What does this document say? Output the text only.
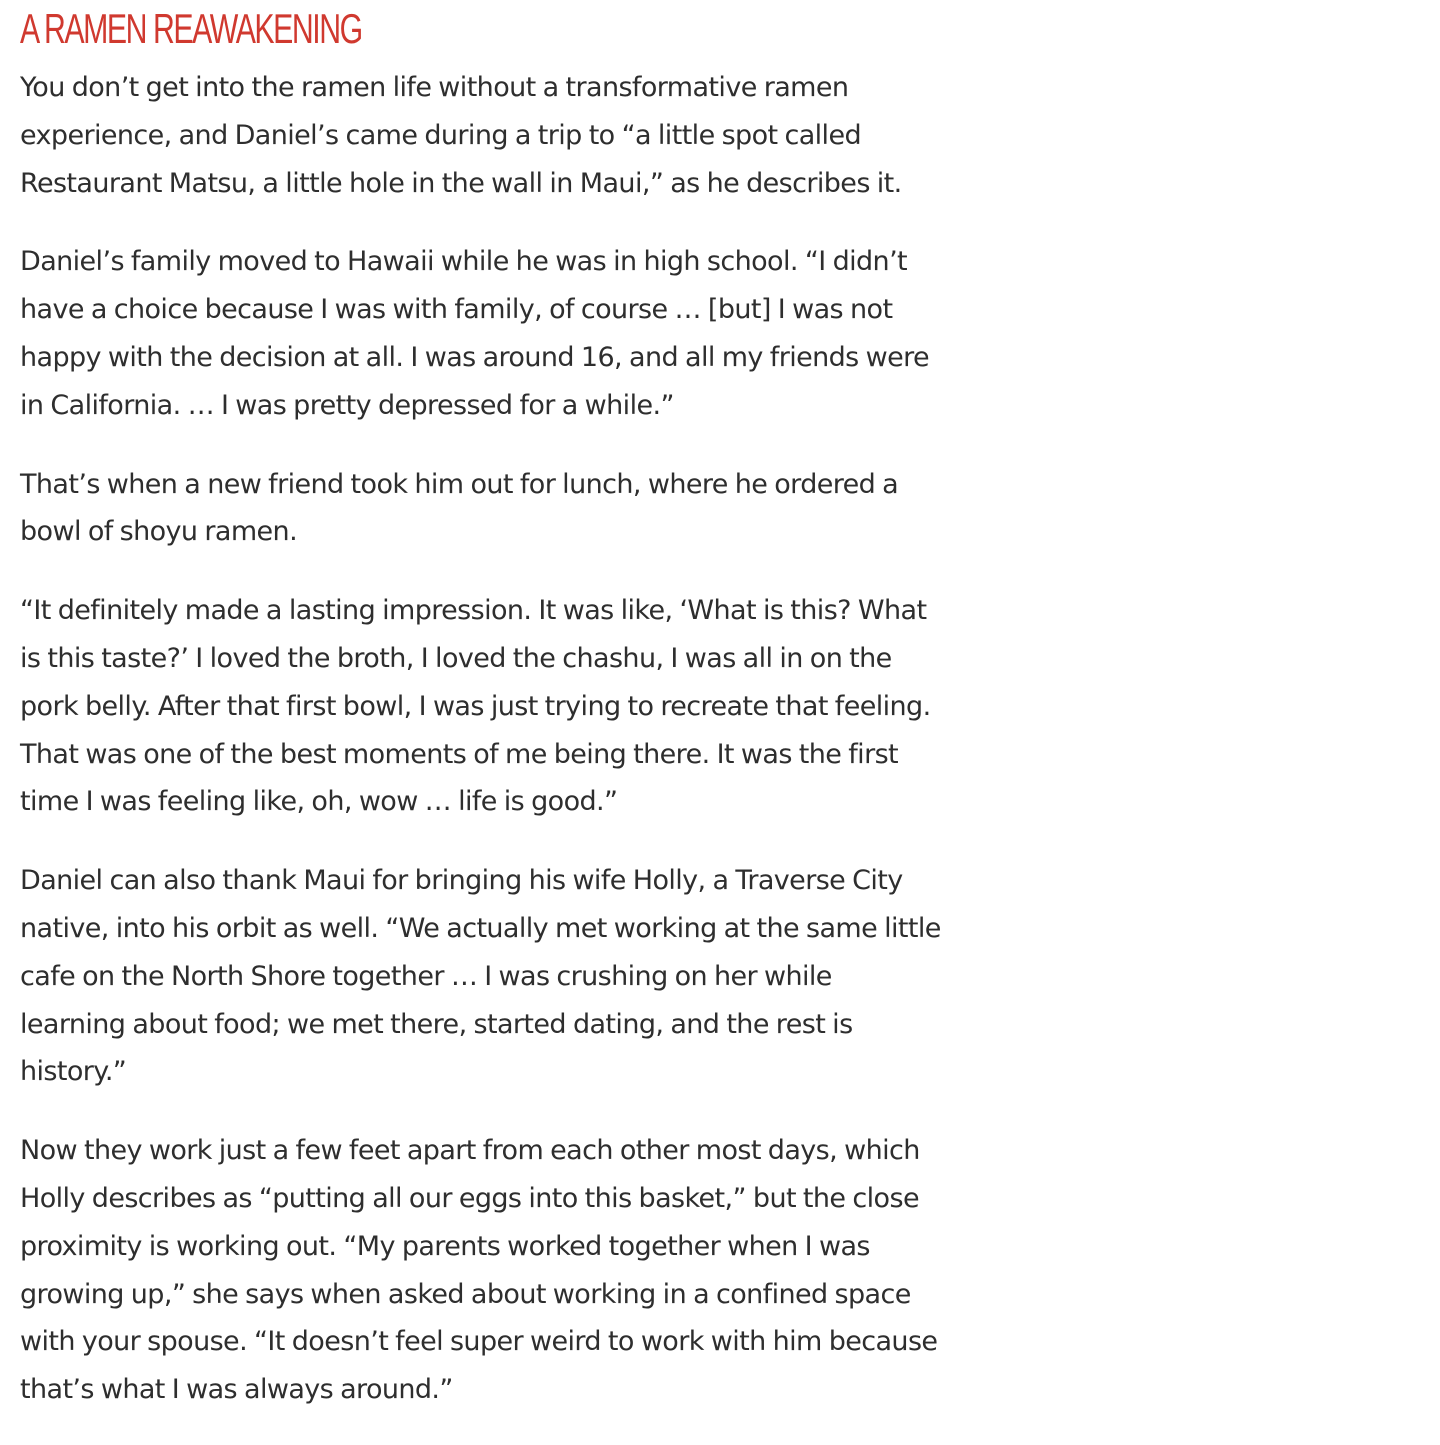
A RAMEN REAWAKENING

You don’t get into the ramen life without a transformative ramen
experience, and Daniel’s came during a trip to “a little spot called
Restaurant Matsu, a little hole in the wall in Maui,” as he describes it.

Daniel’s family moved to Hawaii while he was in high school. “I didn’t
have a choice because I was with family, of course … [but] I was not
happy with the decision at all. I was around 16, and all my friends were
in California. … I was pretty depressed for a while.”

That’s when a new friend took him out for lunch, where he ordered a
bowl of shoyu ramen.

“It definitely made a lasting impression. It was like, ‘What is this? What
is this taste?’ I loved the broth, I loved the chashu, I was all in on the
pork belly. After that first bowl, I was just trying to recreate that feeling.
That was one of the best moments of me being there. It was the first
time I was feeling like, oh, wow … life is good.”

Daniel can also thank Maui for bringing his wife Holly, a Traverse City
native, into his orbit as well. “We actually met working at the same little
cafe on the North Shore together … I was crushing on her while
learning about food; we met there, started dating, and the rest is
history.”

Now they work just a few feet apart from each other most days, which
Holly describes as “putting all our eggs into this basket,” but the close
proximity is working out. “My parents worked together when I was
growing up,” she says when asked about working in a confined space
with your spouse. “It doesn’t feel super weird to work with him because
that’s what I was always around.”
